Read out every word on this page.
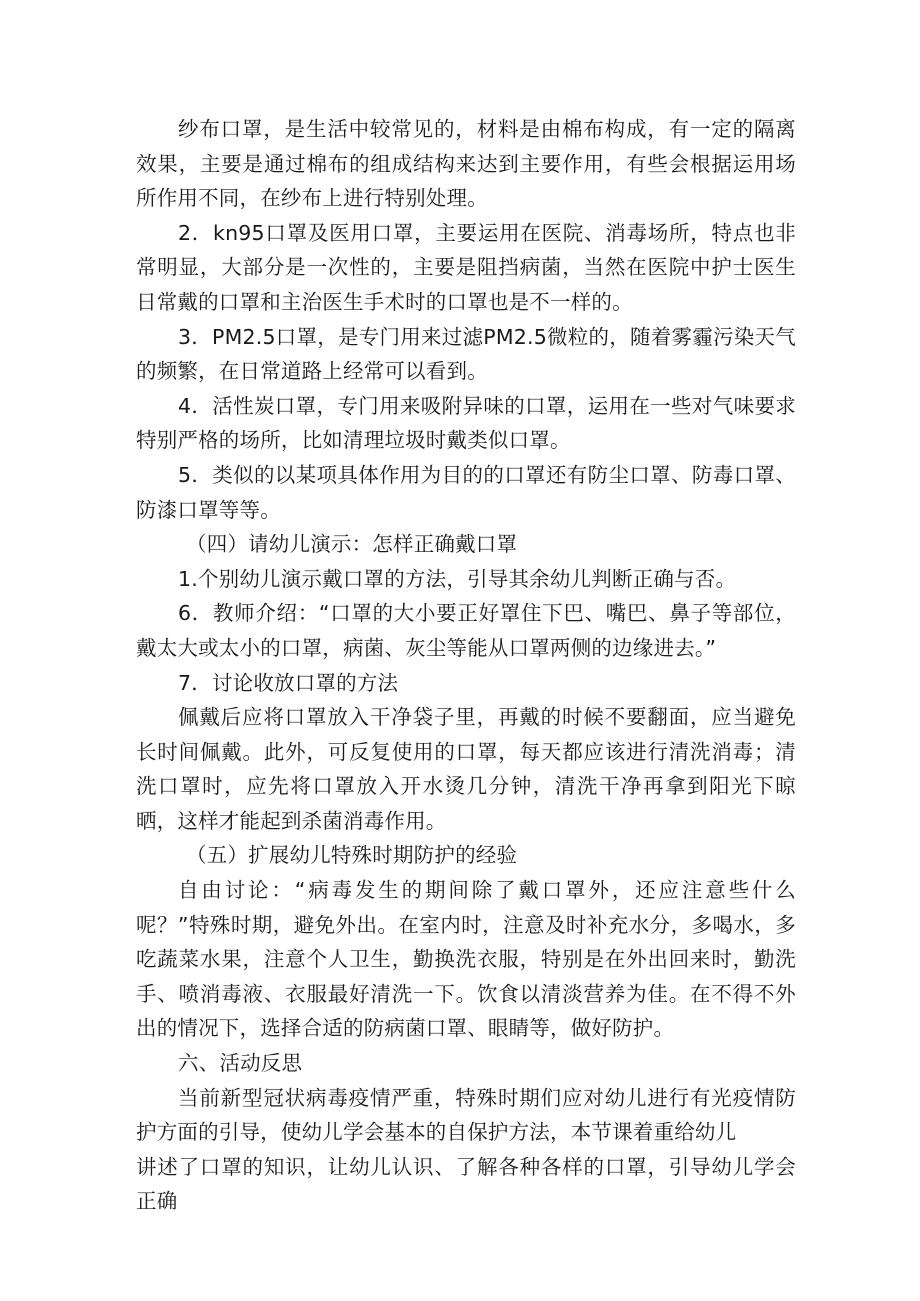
纱布口罩，是生活中较常见的，材料是由棉布构成，有一定的隔离效果，主要是通过棉布的组成结构来达到主要作用，有些会根据运用场所作用不同，在纱布上进行特别处理。

2．kn95口罩及医用口罩，主要运用在医院、消毒场所，特点也非常明显，大部分是一次性的，主要是阻挡病菌，当然在医院中护士医生日常戴的口罩和主治医生手术时的口罩也是不一样的。

3．PM2.5口罩，是专门用来过滤PM2.5微粒的，随着雾霾污染天气的频繁，在日常道路上经常可以看到。

4．活性炭口罩，专门用来吸附异味的口罩，运用在一些对气味要求特别严格的场所，比如清理垃圾时戴类似口罩。

5．类似的以某项具体作用为目的的口罩还有防尘口罩、防毒口罩、防漆口罩等等。

（四）请幼儿演示：怎样正确戴口罩

1.个别幼儿演示戴口罩的方法，引导其余幼儿判断正确与否。

6．教师介绍：“口罩的大小要正好罩住下巴、嘴巴、鼻子等部位，戴太大或太小的口罩，病菌、灰尘等能从口罩两侧的边缘进去。”

7．讨论收放口罩的方法

佩戴后应将口罩放入干净袋子里，再戴的时候不要翻面，应当避免长时间佩戴。此外，可反复使用的口罩，每天都应该进行清洗消毒；清洗口罩时，应先将口罩放入开水烫几分钟，清洗干净再拿到阳光下晾晒，这样才能起到杀菌消毒作用。

（五）扩展幼儿特殊时期防护的经验

自由讨论：“病毒发生的期间除了戴口罩外，还应注意些什么呢？”特殊时期，避免外出。在室内时，注意及时补充水分，多喝水，多吃蔬菜水果，注意个人卫生，勤换洗衣服，特别是在外出回来时，勤洗手、喷消毒液、衣服最好清洗一下。饮食以清淡营养为佳。在不得不外出的情况下，选择合适的防病菌口罩、眼睛等，做好防护。

六、活动反思

当前新型冠状病毒疫情严重，特殊时期们应对幼儿进行有光疫情防护方面的引导，使幼儿学会基本的自保护方法，本节课着重给幼儿

讲述了口罩的知识，让幼儿认识、了解各种各样的口罩，引导幼儿学会正确
